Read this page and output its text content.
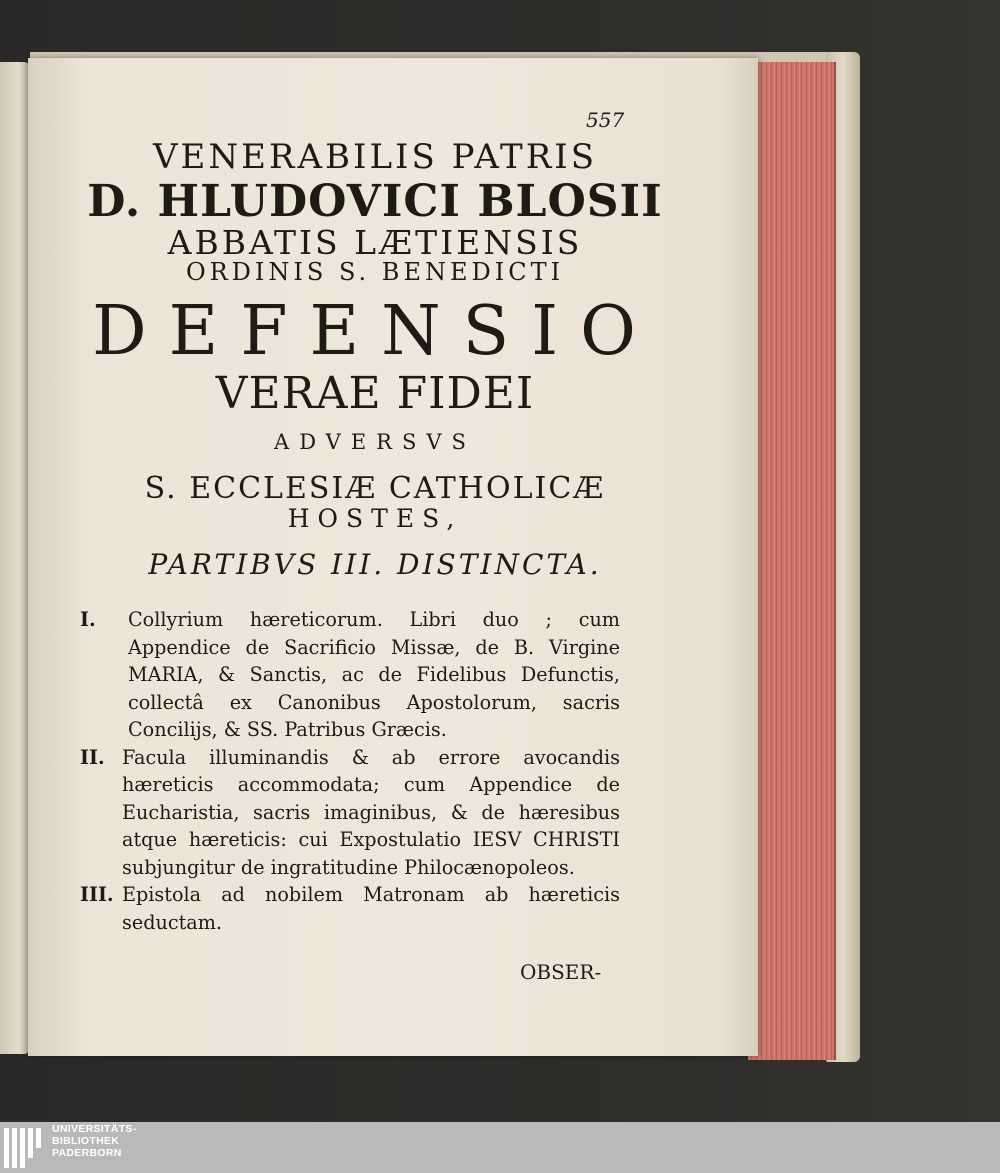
557
VENERABILIS PATRIS
D. HLUDOVICI BLOSII
ABBATIS LÆTIENSIS
ORDINIS S. BENEDICTI
DEFENSIO
VERAE FIDEI
ADVERSVS
S. ECCLESIÆ CATHOLICÆ
HOSTES,
PARTIBVS III. DISTINCTA.
I.	Collyrium hæreticorum. Libri duo ; cum Appendice de Sacrificio Missæ, de B. Virgine MARIA, & Sanctis, ac de Fidelibus Defunctis, collectâ ex Canonibus Apostolorum, sacris Concilijs, & SS. Patribus Græcis.
II. Facula illuminandis & ab errore avocandis hæreticis accommodata; cum Appendice de Eucharistia, sacris imaginibus, & de hæresibus atque hæreticis: cui Expostulatio IESV CHRISTI subjungitur de ingratitudine Philocænopoleos.
III. Epistola ad nobilem Matronam ab hæreticis seductam.
OBSER-
UNIVERSITÄTS-
BIBLIOTHEK
PADERBORN
